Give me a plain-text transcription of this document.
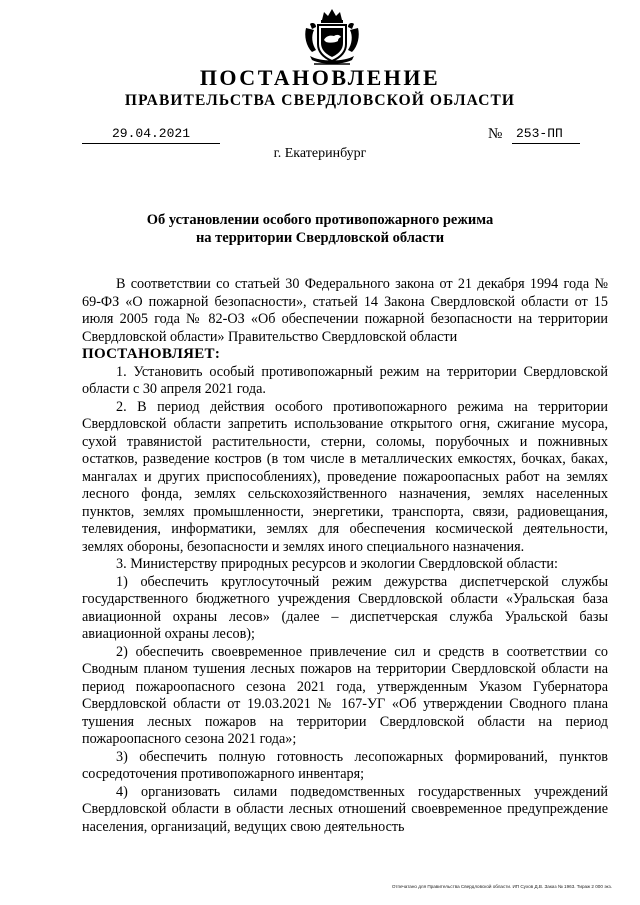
ПОСТАНОВЛЕНИЕ
ПРАВИТЕЛЬСТВА СВЕРДЛОВСКОЙ ОБЛАСТИ
29.04.2021	№ 253-ПП
г. Екатеринбург
Об установлении особого противопожарного режима
на территории Свердловской области

В соответствии со статьей 30 Федерального закона от 21 декабря 1994 года № 69-ФЗ «О пожарной безопасности», статьей 14 Закона Свердловской области от 15 июля 2005 года № 82-ОЗ «Об обеспечении пожарной безопасности на территории Свердловской области» Правительство Свердловской области

ПОСТАНОВЛЯЕТ:

1. Установить особый противопожарный режим на территории Свердловской области с 30 апреля 2021 года.

2. В период действия особого противопожарного режима на территории Свердловской области запретить использование открытого огня, сжигание мусора, сухой травянистой растительности, стерни, соломы, порубочных и пожнивных остатков, разведение костров (в том числе в металлических емкостях, бочках, баках, мангалах и других приспособлениях), проведение пожароопасных работ на землях лесного фонда, землях сельскохозяйственного назначения, землях населенных пунктов, землях промышленности, энергетики, транспорта, связи, радиовещания, телевидения, информатики, землях для обеспечения космической деятельности, землях обороны, безопасности и землях иного специального назначения.

3. Министерству природных ресурсов и экологии Свердловской области:

1) обеспечить круглосуточный режим дежурства диспетчерской службы государственного бюджетного учреждения Свердловской области «Уральская база авиационной охраны лесов» (далее – диспетчерская служба Уральской базы авиационной охраны лесов);

2) обеспечить своевременное привлечение сил и средств в соответствии со Сводным планом тушения лесных пожаров на территории Свердловской области на период пожароопасного сезона 2021 года, утвержденным Указом Губернатора Свердловской области от 19.03.2021 № 167-УГ «Об утверждении Сводного плана тушения лесных пожаров на территории Свердловской области на период пожароопасного сезона 2021 года»;

3) обеспечить полную готовность лесопожарных формирований, пунктов сосредоточения противопожарного инвентаря;

4) организовать силами подведомственных государственных учреждений Свердловской области в области лесных отношений своевременное предупреждение населения, организаций, ведущих свою деятельность

Отпечатано для Правительства Свердловской области. ИП Сухов Д.В. Заказ № 1963. Тираж 2 000 экз.
